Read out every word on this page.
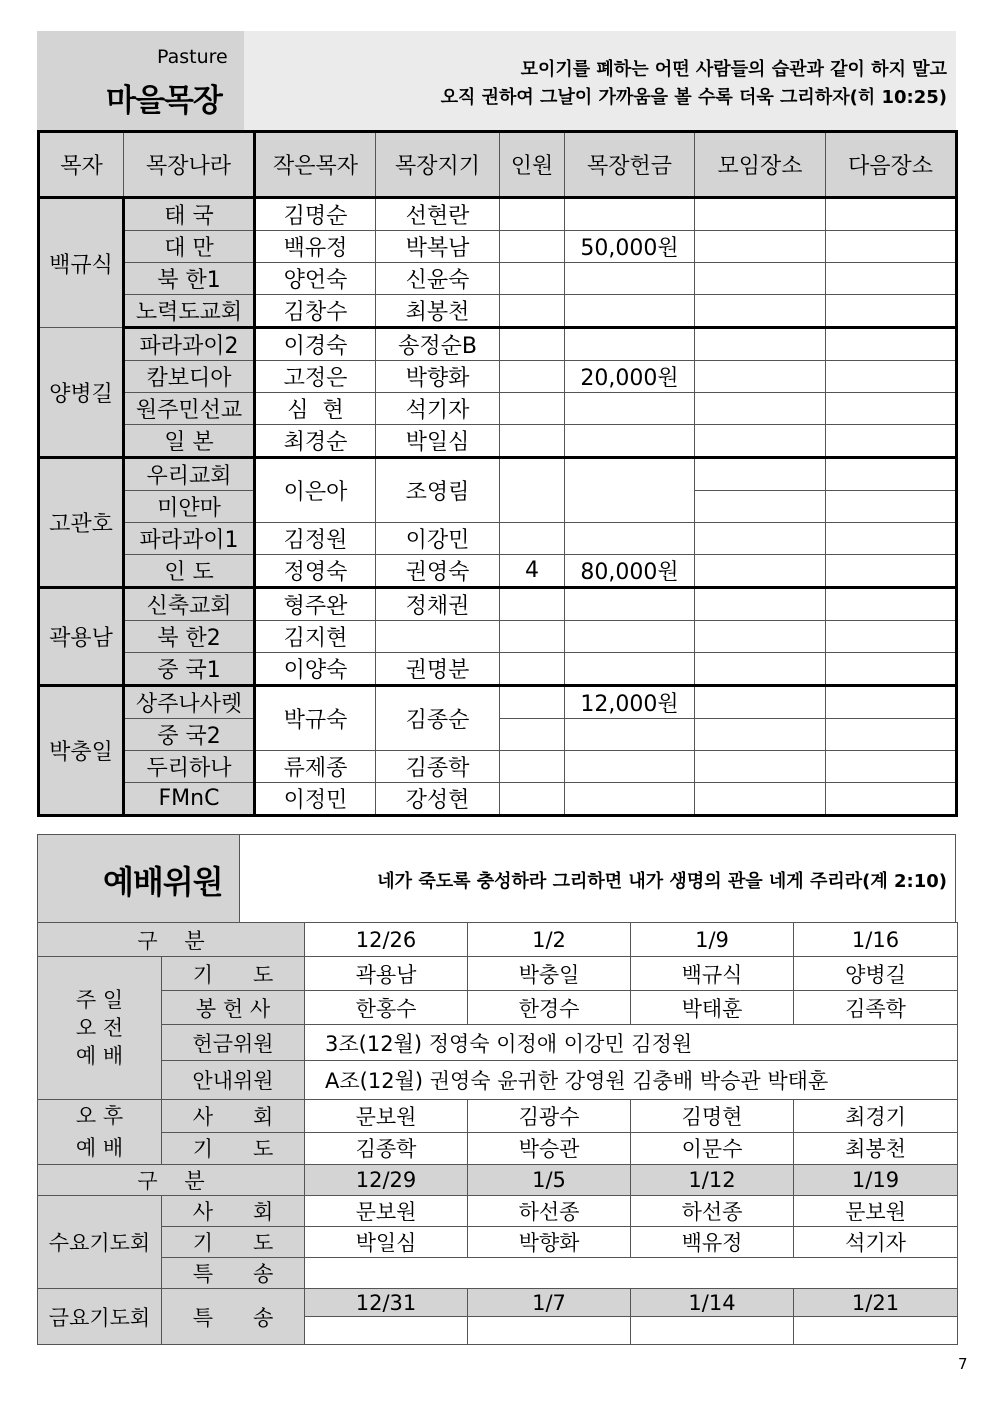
Pasture
마을목장
모이기를 폐하는 어떤 사람들의 습관과 같이 하지 말고
오직 권하여 그날이 가까움을 볼 수록 더욱 그리하자(히 10:25)
목자	목장나라	작은목자	목장지기	인원	목장헌금	모임장소	다음장소
백규식	태 국	김명순	선현란				
	대 만	백유정	박복남		50,000원		
	북 한1	양언숙	신윤숙				
	노력도교회	김창수	최봉천				
양병길	파라과이2	이경숙	송정순B				
	캄보디아	고정은	박향화		20,000원		
	원주민선교	심  현	석기자				
	일 본	최경순	박일심				
고관호	우리교회	이은아	조영림				
	미얀마						
	파라과이1	김정원	이강민				
	인 도	정영숙	권영숙	4	80,000원		
곽용남	신축교회	형주완	정채권				
	북 한2	김지현					
	중 국1	이양숙	권명분				
박충일	상주나사렛	박규숙	김종순		12,000원		
	중 국2						
	두리하나	류제종	김종학				
	FMnC	이정민	강성현				
예배위원	네가 죽도록 충성하라 그리하면 내가 생명의 관을 네게 주리라(계 2:10)
구    분		12/26	1/2	1/9	1/16

주 일
오 전
예 배	기      도	곽용남	박충일	백규식	양병길
	봉 헌 사	한홍수	한경수	박태훈	김족학
	헌금위원	3조(12월) 정영숙 이정애 이강민 김정원			
	안내위원	A조(12월) 권영숙 윤귀한 강영원 김충배 박승관 박태훈			

오 후
예 배	사      회	문보원	김광수	김명현	최경기
	기      도	김종학	박승관	이문수	최봉천
구    분		12/29	1/5	1/12	1/19
수요기도회	사      회	문보원	하선종	하선종	문보원
	기      도	박일심	박향화	백유정	석기자
	특      송				
금요기도회	특      송	12/31	1/7	1/14	1/21

7
